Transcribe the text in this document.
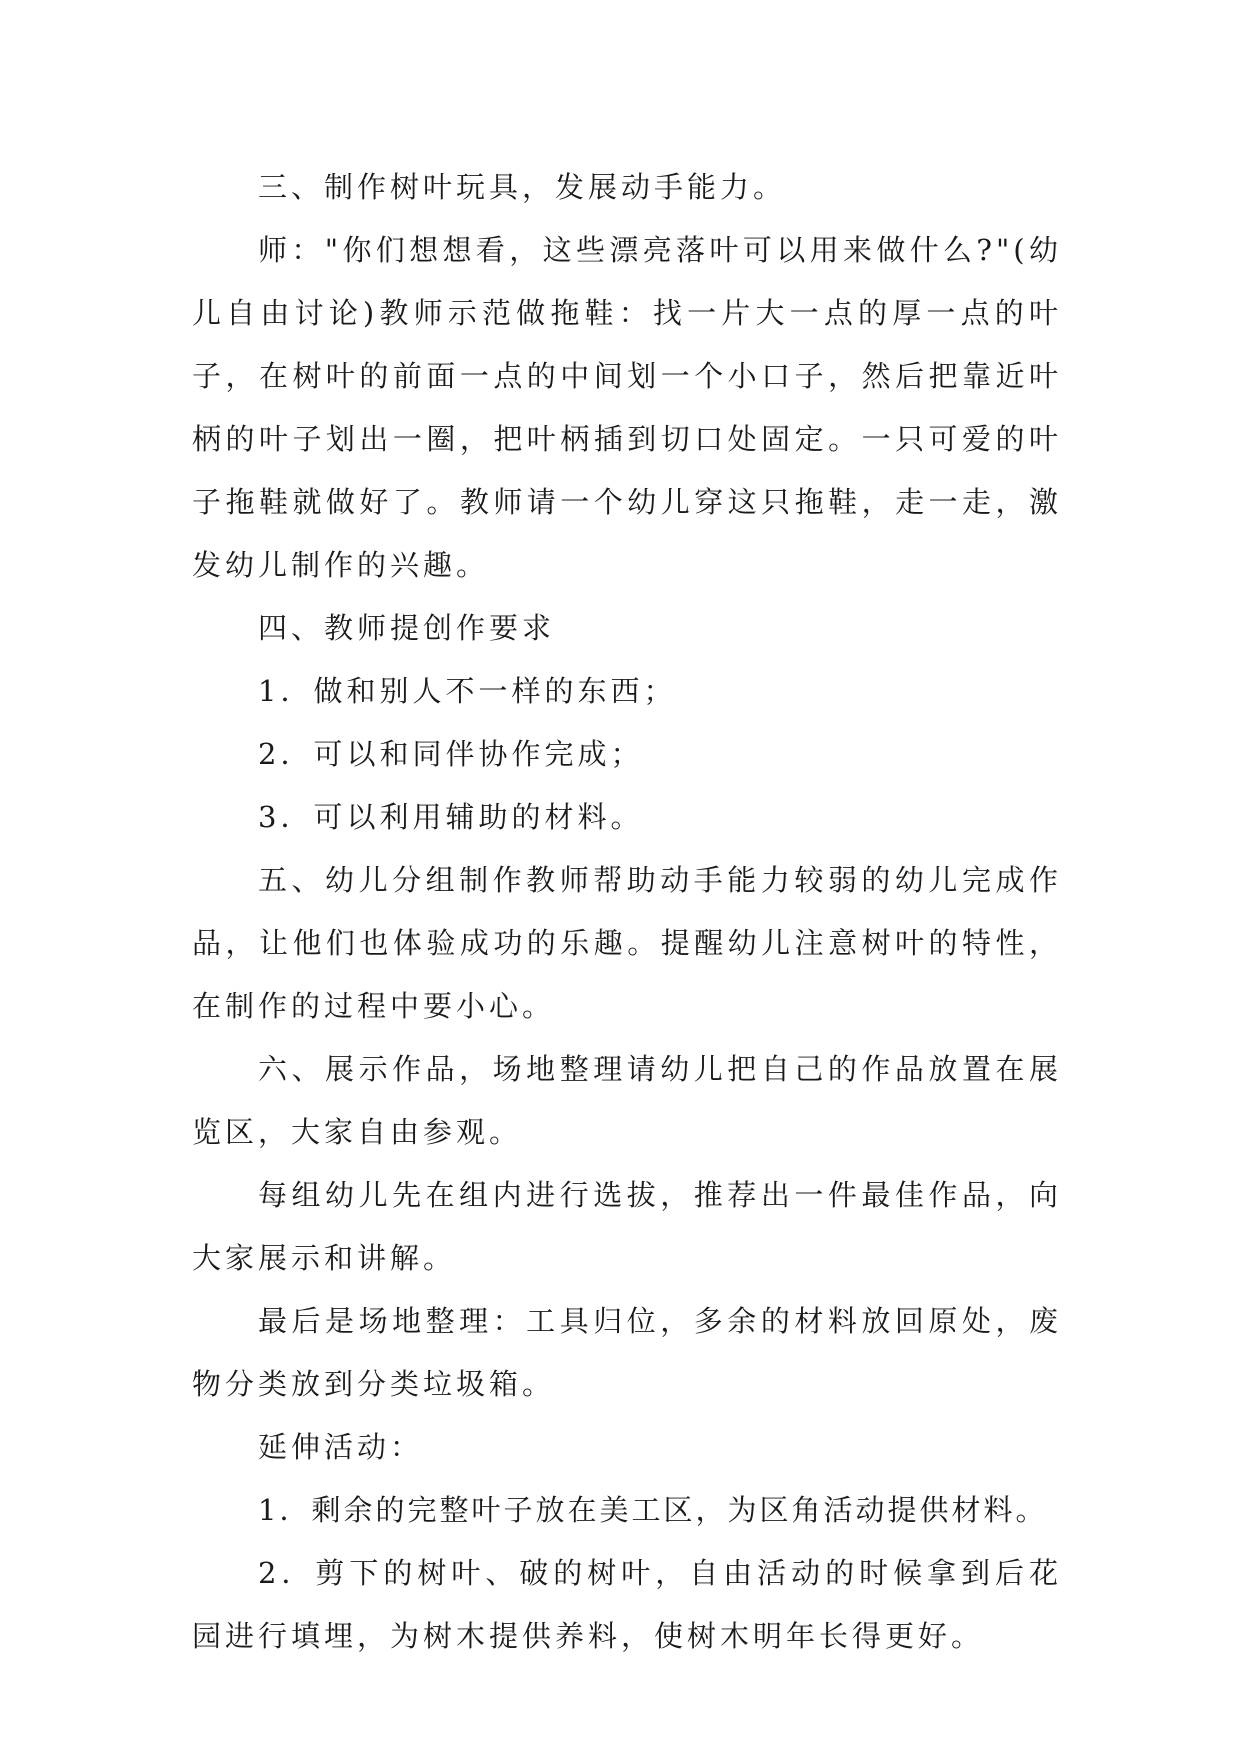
三、制作树叶玩具，发展动手能力。

师："你们想想看，这些漂亮落叶可以用来做什么?"(幼儿自由讨论)教师示范做拖鞋：找一片大一点的厚一点的叶子，在树叶的前面一点的中间划一个小口子，然后把靠近叶柄的叶子划出一圈，把叶柄插到切口处固定。一只可爱的叶子拖鞋就做好了。教师请一个幼儿穿这只拖鞋，走一走，激发幼儿制作的兴趣。

四、教师提创作要求

1．做和别人不一样的东西；

2．可以和同伴协作完成；

3．可以利用辅助的材料。

五、幼儿分组制作教师帮助动手能力较弱的幼儿完成作品，让他们也体验成功的乐趣。提醒幼儿注意树叶的特性，在制作的过程中要小心。

六、展示作品，场地整理请幼儿把自己的作品放置在展览区，大家自由参观。

每组幼儿先在组内进行选拔，推荐出一件最佳作品，向大家展示和讲解。

最后是场地整理：工具归位，多余的材料放回原处，废物分类放到分类垃圾箱。

延伸活动：

1．剩余的完整叶子放在美工区，为区角活动提供材料。

2．剪下的树叶、破的树叶，自由活动的时候拿到后花园进行填埋，为树木提供养料，使树木明年长得更好。
